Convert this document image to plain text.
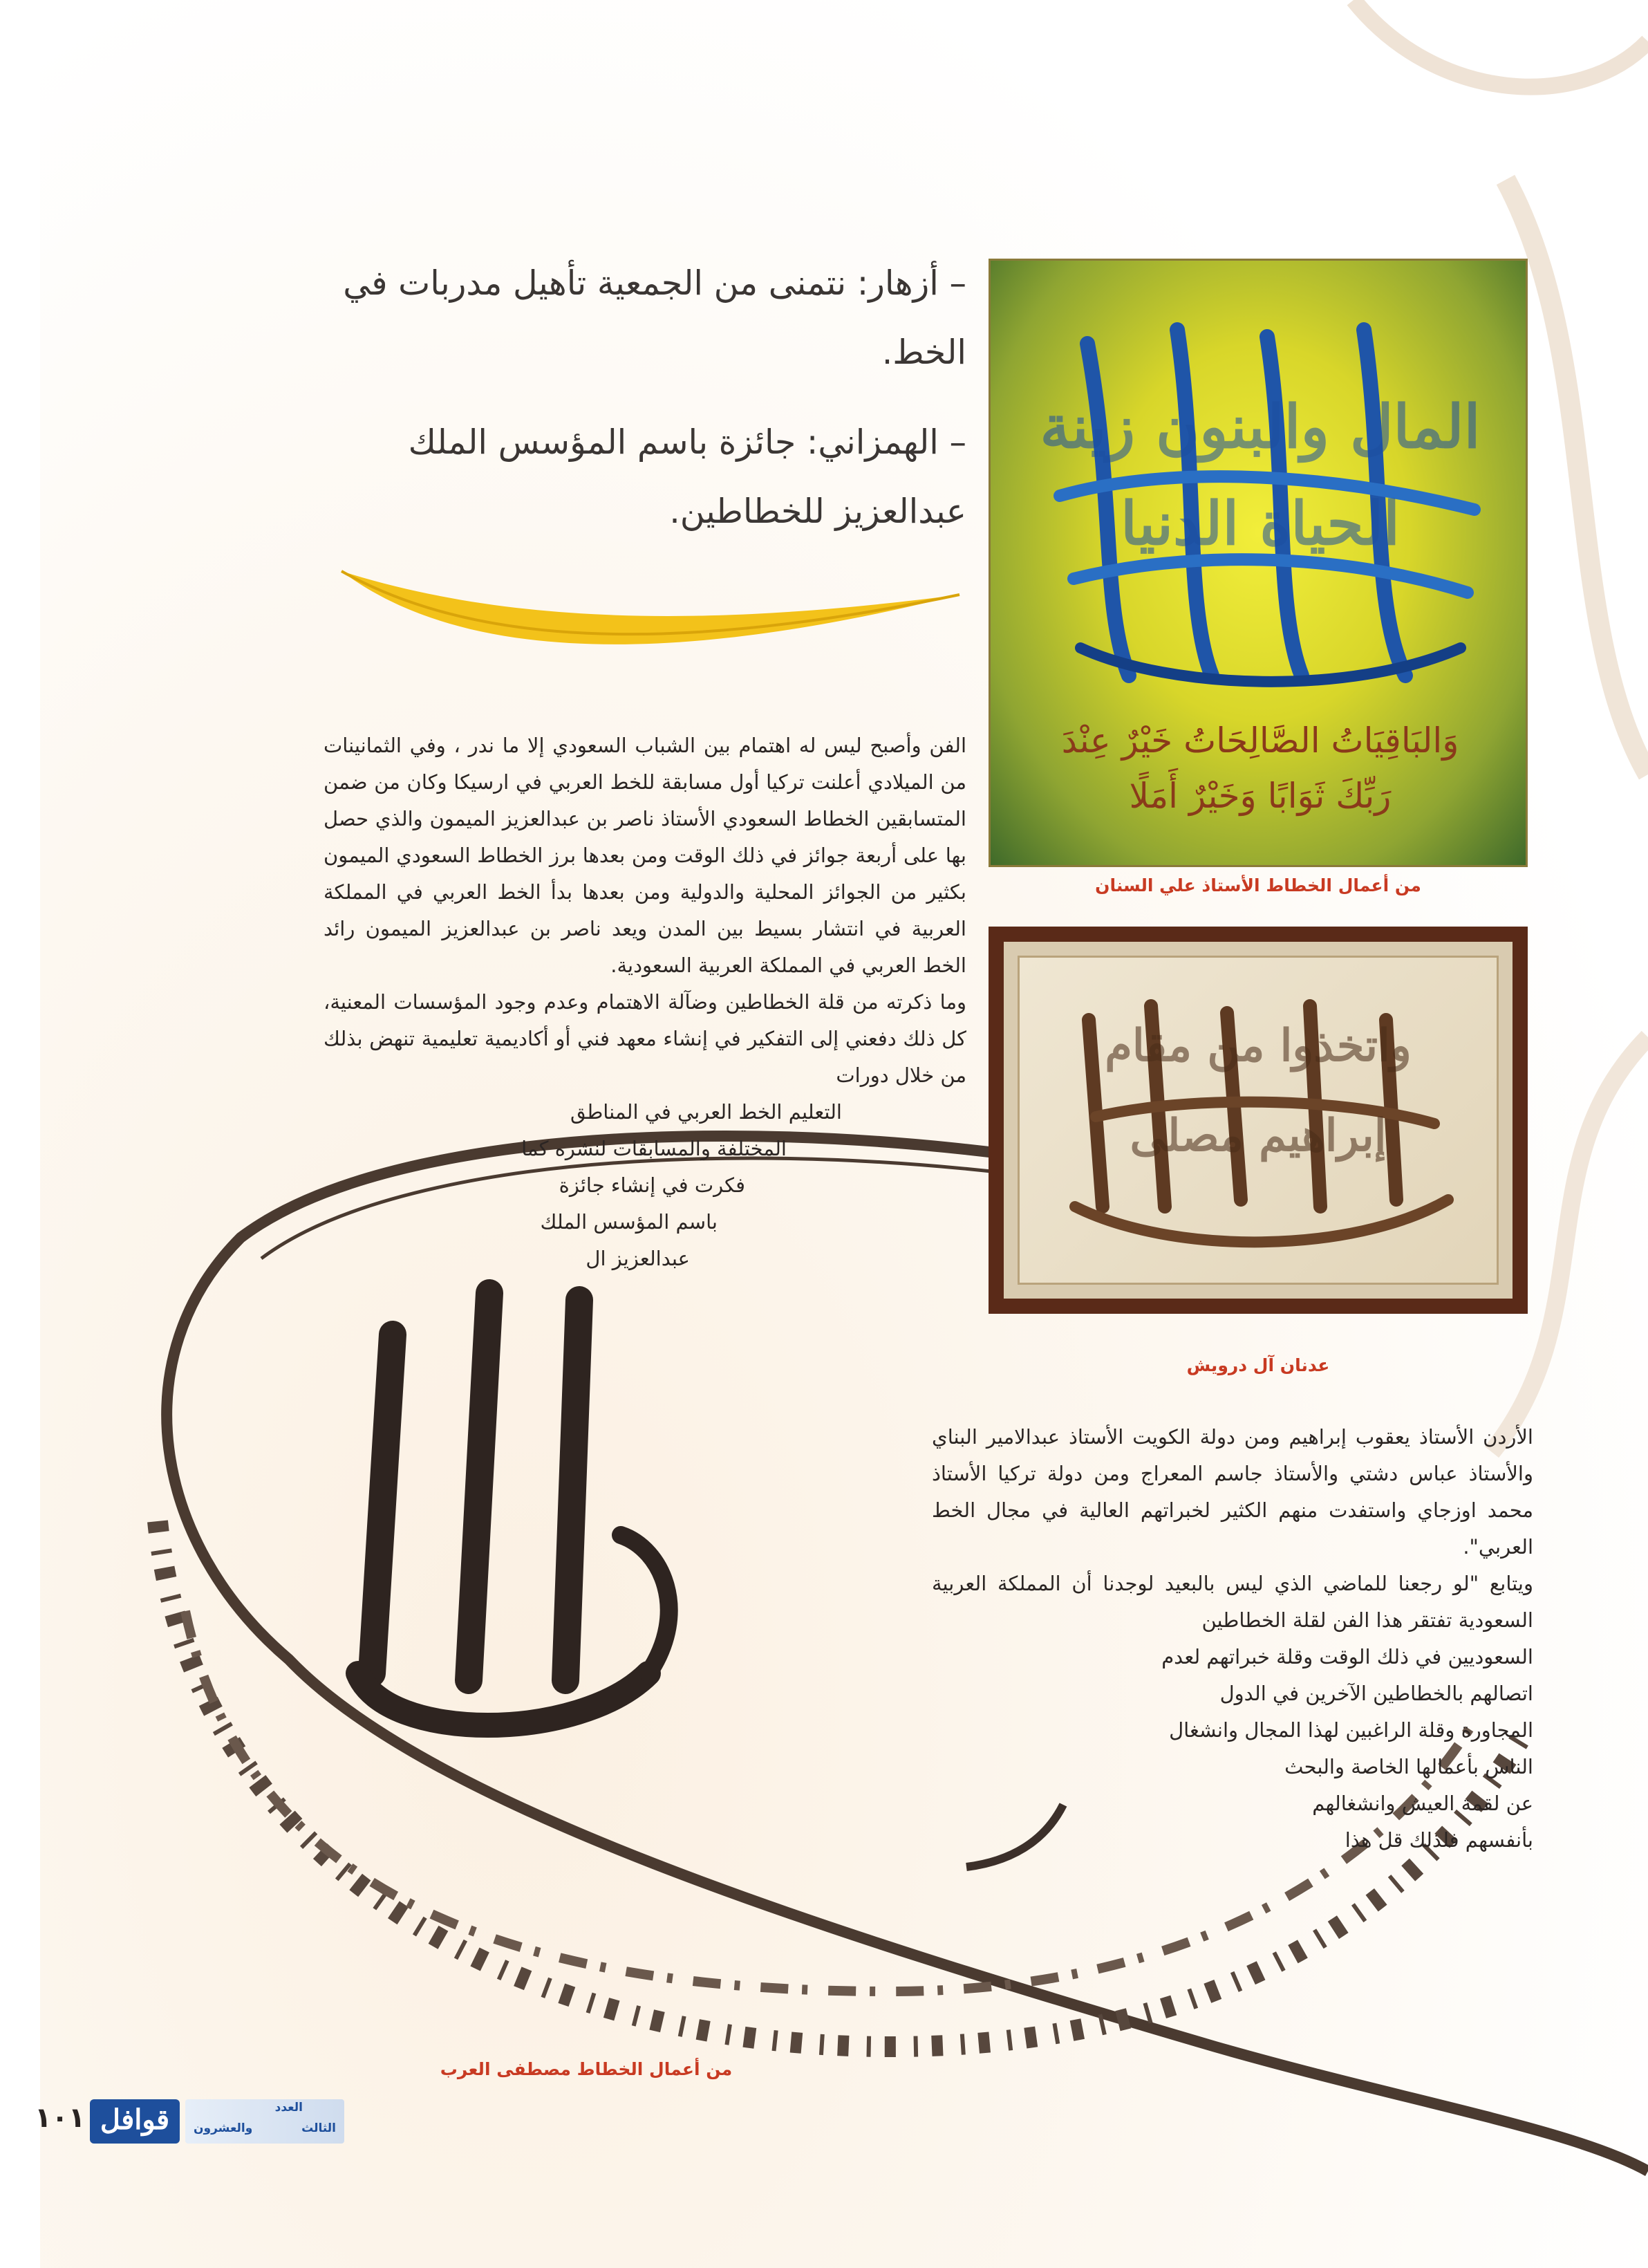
– أزهار: نتمنى من الجمعية تأهيل مدربات في الخط.
– الهمزاني: جائزة باسم المؤسس الملك عبدالعزيز للخطاطين.

الفن وأصبح ليس له اهتمام بين الشباب السعودي إلا ما ندر ، وفي الثمانينات من الميلادي أعلنت تركيا أول مسابقة للخط العربي في ارسيكا وكان من ضمن المتسابقين الخطاط السعودي الأستاذ ناصر بن عبدالعزيز الميمون والذي حصل بها على أربعة جوائز في ذلك الوقت ومن بعدها برز الخطاط السعودي الميمون بكثير من الجوائز المحلية والدولية ومن بعدها بدأ الخط العربي في المملكة العربية في انتشار بسيط بين المدن ويعد ناصر بن عبدالعزيز الميمون رائد الخط العربي في المملكة العربية السعودية.

وما ذكرته من قلة الخطاطين وضآلة الاهتمام وعدم وجود المؤسسات المعنية، كل ذلك دفعني إلى التفكير في إنشاء معهد فني أو أكاديمية تعليمية تنهض بذلك من خلال دورات

التعليم الخط العربي في المناطق

المختلفة والمسابقات لنشره كما

فكرت في إنشاء جائزة

باسم المؤسس الملك

عبدالعزيز ال

المال والبنون زينة
الحياة الدنيا
وَالبَاقِيَاتُ الصَّالِحَاتُ خَيْرٌ عِنْدَ
رَبِّكَ ثَوَابًا وَخَيْرٌ أَمَلًا
من أعمال الخطاط الأستاذ علي السنان
واتخذوا من مقام
إبراهيم مصلى
عدنان آل درويش

الأردن الأستاذ يعقوب إبراهيم ومن دولة الكويت الأستاذ عبدالامير البناي والأستاذ عباس دشتي والأستاذ جاسم المعراج ومن دولة تركيا الأستاذ محمد اوزجاي واستفدت منهم الكثير لخبراتهم العالية في مجال الخط العربي".

ويتابع "لو رجعنا للماضي الذي ليس بالبعيد لوجدنا أن المملكة العربية السعودية تفتقر هذا الفن لقلة الخطاطين

السعوديين في ذلك الوقت وقلة خبراتهم لعدم

اتصالهم بالخطاطين الآخرين في الدول

المجاورة وقلة الراغبين لهذا المجال وانشغال

الناس بأعمالها الخاصة والبحث

عن لقمة العيش وانشغالهم

بأنفسهم فلذلك قل هذا

من أعمال الخطاط مصطفى العرب
١٠١ قوافل	العدد
الثالث
والعشرون
